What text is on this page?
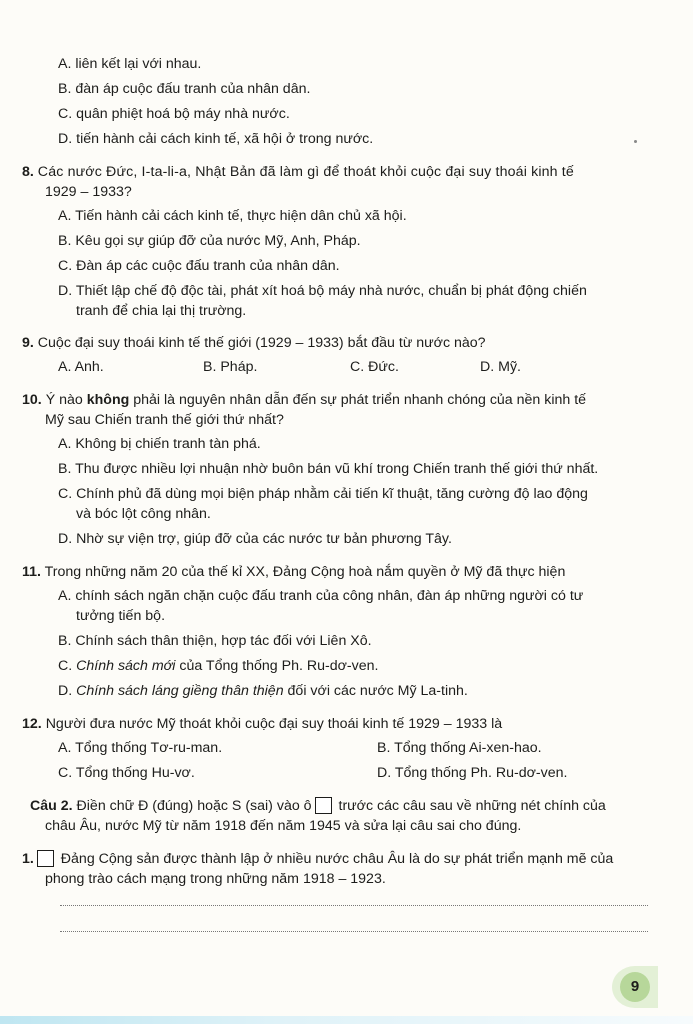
A. liên kết lại với nhau.
B. đàn áp cuộc đấu tranh của nhân dân.
C. quân phiệt hoá bộ máy nhà nước.
D. tiến hành cải cách kinh tế, xã hội ở trong nước.
8. Các nước Đức, I-ta-li-a, Nhật Bản đã làm gì để thoát khỏi cuộc đại suy thoái kinh tế
1929 – 1933?
A. Tiến hành cải cách kinh tế, thực hiện dân chủ xã hội.
B. Kêu gọi sự giúp đỡ của nước Mỹ, Anh, Pháp.
C. Đàn áp các cuộc đấu tranh của nhân dân.
D. Thiết lập chế độ độc tài, phát xít hoá bộ máy nhà nước, chuẩn bị phát động chiến
tranh để chia lại thị trường.
9. Cuộc đại suy thoái kinh tế thế giới (1929 – 1933) bắt đầu từ nước nào?
A. Anh.	B. Pháp.	C. Đức.	D. Mỹ.
10. Ý nào không phải là nguyên nhân dẫn đến sự phát triển nhanh chóng của nền kinh tế
Mỹ sau Chiến tranh thế giới thứ nhất?
A. Không bị chiến tranh tàn phá.
B. Thu được nhiều lợi nhuận nhờ buôn bán vũ khí trong Chiến tranh thế giới thứ nhất.
C. Chính phủ đã dùng mọi biện pháp nhằm cải tiến kĩ thuật, tăng cường độ lao động
và bóc lột công nhân.
D. Nhờ sự viện trợ, giúp đỡ của các nước tư bản phương Tây.
11. Trong những năm 20 của thế kỉ XX, Đảng Cộng hoà nắm quyền ở Mỹ đã thực hiện
A. chính sách ngăn chặn cuộc đấu tranh của công nhân, đàn áp những người có tư
tưởng tiến bộ.
B. Chính sách thân thiện, hợp tác đối với Liên Xô.
C. Chính sách mới của Tổng thống Ph. Ru-dơ-ven.
D. Chính sách láng giềng thân thiện đối với các nước Mỹ La-tinh.
12. Người đưa nước Mỹ thoát khỏi cuộc đại suy thoái kinh tế 1929 – 1933 là
A. Tổng thống Tơ-ru-man.	B. Tổng thống Ai-xen-hao.
C. Tổng thống Hu-vơ.	D. Tổng thống Ph. Ru-dơ-ven.
Câu 2. Điền chữ Đ (đúng) hoặc S (sai) vào ô trước các câu sau về những nét chính của
châu Âu, nước Mỹ từ năm 1918 đến năm 1945 và sửa lại câu sai cho đúng.
1. Đảng Cộng sản được thành lập ở nhiều nước châu Âu là do sự phát triển mạnh mẽ của
phong trào cách mạng trong những năm 1918 – 1923.
9
